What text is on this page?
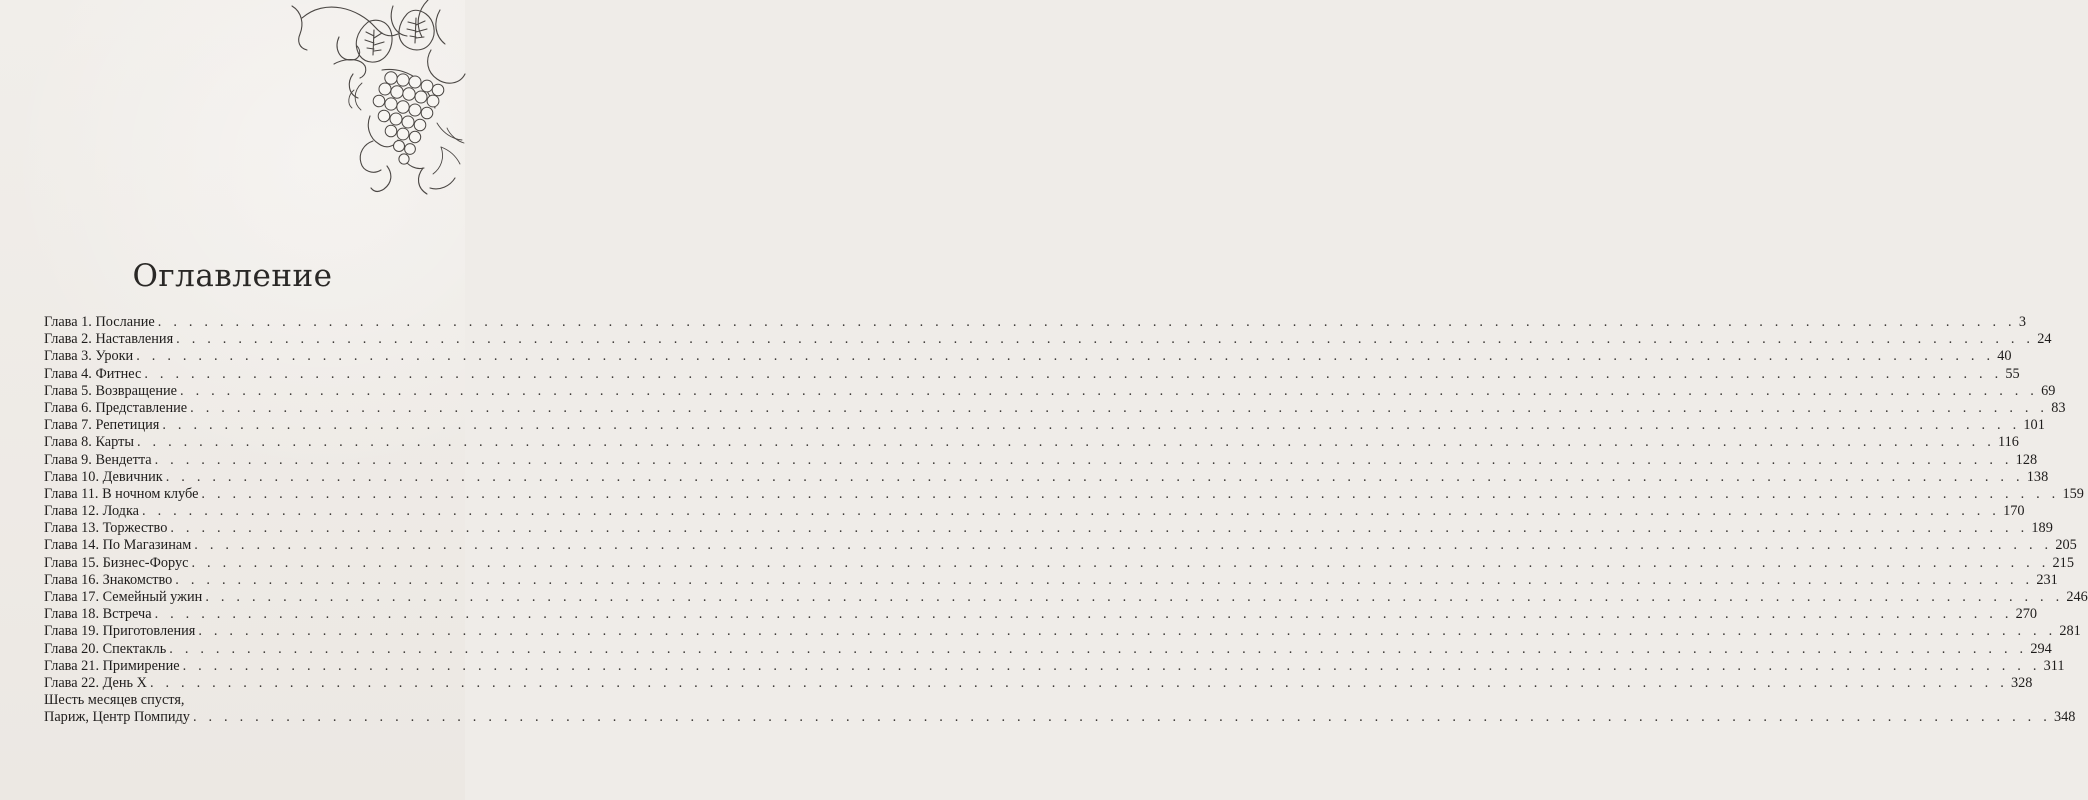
Оглавление
Глава 1. Послание . . . . . . . . . . . . . . . . . . . . . . . . . . . . . . . . . . . . . . . . . . . . . . . . . . . . . . . . . . . . . . . . . . . . . . . . . . . . . . . . . . . . . . . . . . . . . . . . . . . . . . . . . . . . . . . . . . . . . . . . 3
Глава 2. Наставления . . . . . . . . . . . . . . . . . . . . . . . . . . . . . . . . . . . . . . . . . . . . . . . . . . . . . . . . . . . . . . . . . . . . . . . . . . . . . . . . . . . . . . . . . . . . . . . . . . . . . . . . . . . . . . . . . . . . . . . . 24
Глава 3. Уроки . . . . . . . . . . . . . . . . . . . . . . . . . . . . . . . . . . . . . . . . . . . . . . . . . . . . . . . . . . . . . . . . . . . . . . . . . . . . . . . . . . . . . . . . . . . . . . . . . . . . . . . . . . . . . . . . . . . . . . . . 40
Глава 4. Фитнес . . . . . . . . . . . . . . . . . . . . . . . . . . . . . . . . . . . . . . . . . . . . . . . . . . . . . . . . . . . . . . . . . . . . . . . . . . . . . . . . . . . . . . . . . . . . . . . . . . . . . . . . . . . . . . . . . . . . . . . . 55
Глава 5. Возвращение . . . . . . . . . . . . . . . . . . . . . . . . . . . . . . . . . . . . . . . . . . . . . . . . . . . . . . . . . . . . . . . . . . . . . . . . . . . . . . . . . . . . . . . . . . . . . . . . . . . . . . . . . . . . . . . . . . . . . . . . 69
Глава 6. Представление . . . . . . . . . . . . . . . . . . . . . . . . . . . . . . . . . . . . . . . . . . . . . . . . . . . . . . . . . . . . . . . . . . . . . . . . . . . . . . . . . . . . . . . . . . . . . . . . . . . . . . . . . . . . . . . . . . . . . . . . 83
Глава 7. Репетиция . . . . . . . . . . . . . . . . . . . . . . . . . . . . . . . . . . . . . . . . . . . . . . . . . . . . . . . . . . . . . . . . . . . . . . . . . . . . . . . . . . . . . . . . . . . . . . . . . . . . . . . . . . . . . . . . . . . . . . . . 101
Глава 8. Карты . . . . . . . . . . . . . . . . . . . . . . . . . . . . . . . . . . . . . . . . . . . . . . . . . . . . . . . . . . . . . . . . . . . . . . . . . . . . . . . . . . . . . . . . . . . . . . . . . . . . . . . . . . . . . . . . . . . . . . . . 116
Глава 9. Вендетта . . . . . . . . . . . . . . . . . . . . . . . . . . . . . . . . . . . . . . . . . . . . . . . . . . . . . . . . . . . . . . . . . . . . . . . . . . . . . . . . . . . . . . . . . . . . . . . . . . . . . . . . . . . . . . . . . . . . . . . . 128
Глава 10. Девичник . . . . . . . . . . . . . . . . . . . . . . . . . . . . . . . . . . . . . . . . . . . . . . . . . . . . . . . . . . . . . . . . . . . . . . . . . . . . . . . . . . . . . . . . . . . . . . . . . . . . . . . . . . . . . . . . . . . . . . . . 138
Глава 11. В ночном клубе . . . . . . . . . . . . . . . . . . . . . . . . . . . . . . . . . . . . . . . . . . . . . . . . . . . . . . . . . . . . . . . . . . . . . . . . . . . . . . . . . . . . . . . . . . . . . . . . . . . . . . . . . . . . . . . . . . . . . . . . 159
Глава 12. Лодка . . . . . . . . . . . . . . . . . . . . . . . . . . . . . . . . . . . . . . . . . . . . . . . . . . . . . . . . . . . . . . . . . . . . . . . . . . . . . . . . . . . . . . . . . . . . . . . . . . . . . . . . . . . . . . . . . . . . . . . . 170
Глава 13. Торжество . . . . . . . . . . . . . . . . . . . . . . . . . . . . . . . . . . . . . . . . . . . . . . . . . . . . . . . . . . . . . . . . . . . . . . . . . . . . . . . . . . . . . . . . . . . . . . . . . . . . . . . . . . . . . . . . . . . . . . . . 189
Глава 14. По Магазинам . . . . . . . . . . . . . . . . . . . . . . . . . . . . . . . . . . . . . . . . . . . . . . . . . . . . . . . . . . . . . . . . . . . . . . . . . . . . . . . . . . . . . . . . . . . . . . . . . . . . . . . . . . . . . . . . . . . . . . . . 205
Глава 15. Бизнес-Форус . . . . . . . . . . . . . . . . . . . . . . . . . . . . . . . . . . . . . . . . . . . . . . . . . . . . . . . . . . . . . . . . . . . . . . . . . . . . . . . . . . . . . . . . . . . . . . . . . . . . . . . . . . . . . . . . . . . . . . . . 215
Глава 16. Знакомство . . . . . . . . . . . . . . . . . . . . . . . . . . . . . . . . . . . . . . . . . . . . . . . . . . . . . . . . . . . . . . . . . . . . . . . . . . . . . . . . . . . . . . . . . . . . . . . . . . . . . . . . . . . . . . . . . . . . . . . . 231
Глава 17. Семейный ужин . . . . . . . . . . . . . . . . . . . . . . . . . . . . . . . . . . . . . . . . . . . . . . . . . . . . . . . . . . . . . . . . . . . . . . . . . . . . . . . . . . . . . . . . . . . . . . . . . . . . . . . . . . . . . . . . . . . . . . . . 246
Глава 18. Встреча . . . . . . . . . . . . . . . . . . . . . . . . . . . . . . . . . . . . . . . . . . . . . . . . . . . . . . . . . . . . . . . . . . . . . . . . . . . . . . . . . . . . . . . . . . . . . . . . . . . . . . . . . . . . . . . . . . . . . . . . 270
Глава 19. Приготовления . . . . . . . . . . . . . . . . . . . . . . . . . . . . . . . . . . . . . . . . . . . . . . . . . . . . . . . . . . . . . . . . . . . . . . . . . . . . . . . . . . . . . . . . . . . . . . . . . . . . . . . . . . . . . . . . . . . . . . . . 281
Глава 20. Спектакль . . . . . . . . . . . . . . . . . . . . . . . . . . . . . . . . . . . . . . . . . . . . . . . . . . . . . . . . . . . . . . . . . . . . . . . . . . . . . . . . . . . . . . . . . . . . . . . . . . . . . . . . . . . . . . . . . . . . . . . . 294
Глава 21. Примирение . . . . . . . . . . . . . . . . . . . . . . . . . . . . . . . . . . . . . . . . . . . . . . . . . . . . . . . . . . . . . . . . . . . . . . . . . . . . . . . . . . . . . . . . . . . . . . . . . . . . . . . . . . . . . . . . . . . . . . . . 311
Глава 22. День Х . . . . . . . . . . . . . . . . . . . . . . . . . . . . . . . . . . . . . . . . . . . . . . . . . . . . . . . . . . . . . . . . . . . . . . . . . . . . . . . . . . . . . . . . . . . . . . . . . . . . . . . . . . . . . . . . . . . . . . . . 328
Шесть месяцев спустя,
Париж, Центр Помпиду . . . . . . . . . . . . . . . . . . . . . . . . . . . . . . . . . . . . . . . . . . . . . . . . . . . . . . . . . . . . . . . . . . . . . . . . . . . . . . . . . . . . . . . . . . . . . . . . . . . . . . . . . . . . . . . . . . . . . . . . 348
